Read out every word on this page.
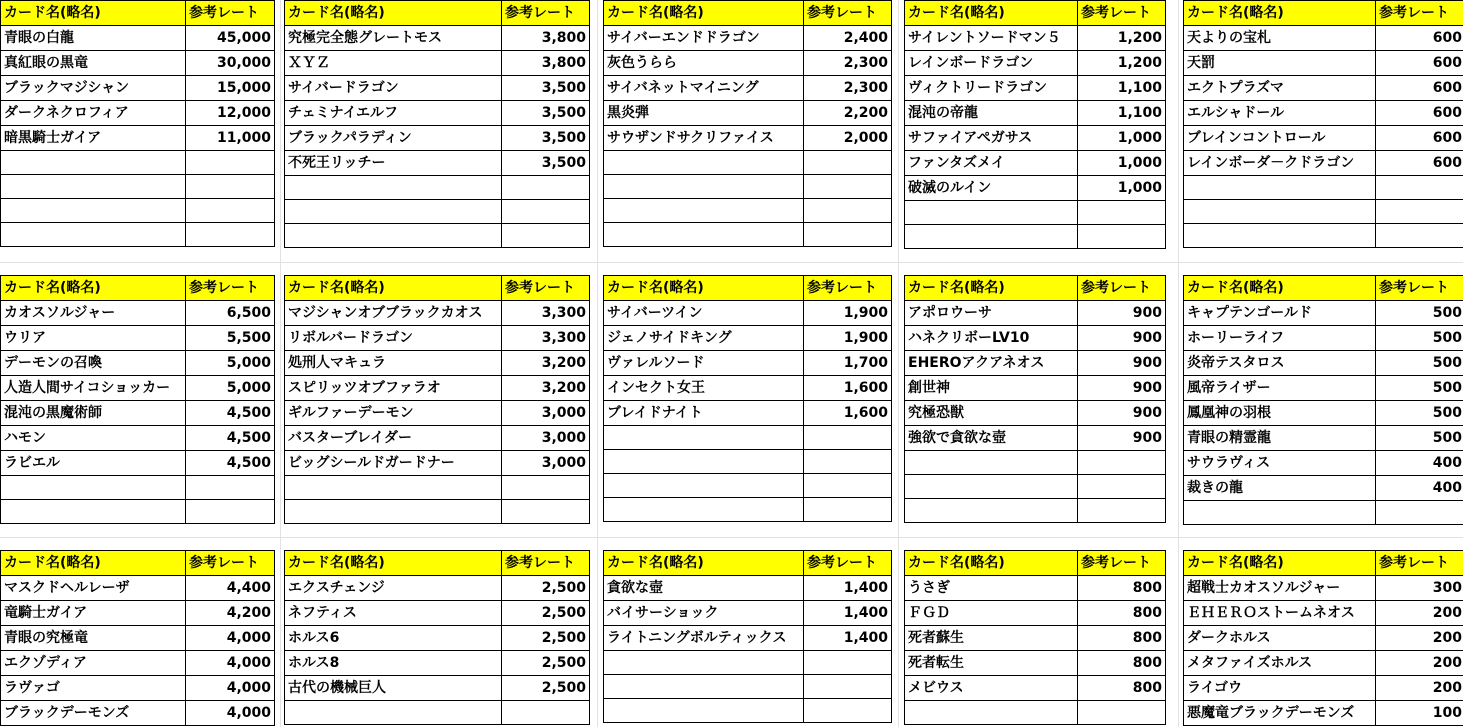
カード名(略名)	参考レート
青眼の白龍	45,000
真紅眼の黒竜	30,000
ブラックマジシャン	15,000
ダークネクロフィア	12,000
暗黒騎士ガイア	11,000

カード名(略名)	参考レート
究極完全態グレートモス	3,800
ＸＹＺ	3,800
サイバードラゴン	3,500
チェミナイエルフ	3,500
ブラックパラディン	3,500
不死王リッチー	3,500

カード名(略名)	参考レート
サイバーエンドドラゴン	2,400
灰色うらら	2,300
サイバネットマイニング	2,300
黒炎弾	2,200
サウザンドサクリファイス	2,000

カード名(略名)	参考レート
サイレントソードマン５	1,200
レインボードラゴン	1,200
ヴィクトリードラゴン	1,100
混沌の帝龍	1,100
サファイアペガサス	1,000
ファンタズメイ	1,000
破滅のルイン	1,000

カード名(略名)	参考レート
天よりの宝札	600
天罰	600
エクトプラズマ	600
エルシャドール	600
ブレインコントロール	600
レインボーダ－クドラゴン	600

カード名(略名)	参考レート
カオスソルジャー	6,500
ウリア	5,500
デーモンの召喚	5,000
人造人間サイコショッカー	5,000
混沌の黒魔術師	4,500
ハモン	4,500
ラビエル	4,500

カード名(略名)	参考レート
マジシャンオブブラックカオス	3,300
リボルバードラゴン	3,300
処刑人マキュラ	3,200
スピリッツオブファラオ	3,200
ギルファーデーモン	3,000
バスターブレイダー	3,000
ビッグシールドガードナー	3,000

カード名(略名)	参考レート
サイバーツイン	1,900
ジェノサイドキング	1,900
ヴァレルソード	1,700
インセクト女王	1,600
ブレイドナイト	1,600

カード名(略名)	参考レート
アポロウーサ	900
ハネクリボーLV10	900
EHEROアクアネオス	900
創世神	900
究極恐獣	900
強欲で貪欲な壺	900

カード名(略名)	参考レート
キャプテンゴールド	500
ホーリーライフ	500
炎帝テスタロス	500
風帝ライザー	500
鳳凰神の羽根	500
青眼の精霊龍	500
サウラヴィス	400
裁きの龍	400

カード名(略名)	参考レート
マスクドヘルレーザ	4,400
竜騎士ガイア	4,200
青眼の究極竜	4,000
エクゾディア	4,000
ラヴァゴ	4,000
ブラックデーモンズ	4,000
カード名(略名)	参考レート
エクスチェンジ	2,500
ネフティス	2,500
ホルス6	2,500
ホルス8	2,500
古代の機械巨人	2,500

カード名(略名)	参考レート
貪欲な壺	1,400
バイサーショック	1,400
ライトニングボルティックス	1,400

カード名(略名)	参考レート
うさぎ	800
ＦＧＤ	800
死者蘇生	800
死者転生	800
メビウス	800

カード名(略名)	参考レート
超戦士カオスソルジャー	300
ＥＨＥＲＯストームネオス	200
ダークホルス	200
メタファイズホルス	200
ライゴウ	200
悪魔竜ブラックデーモンズ	100
